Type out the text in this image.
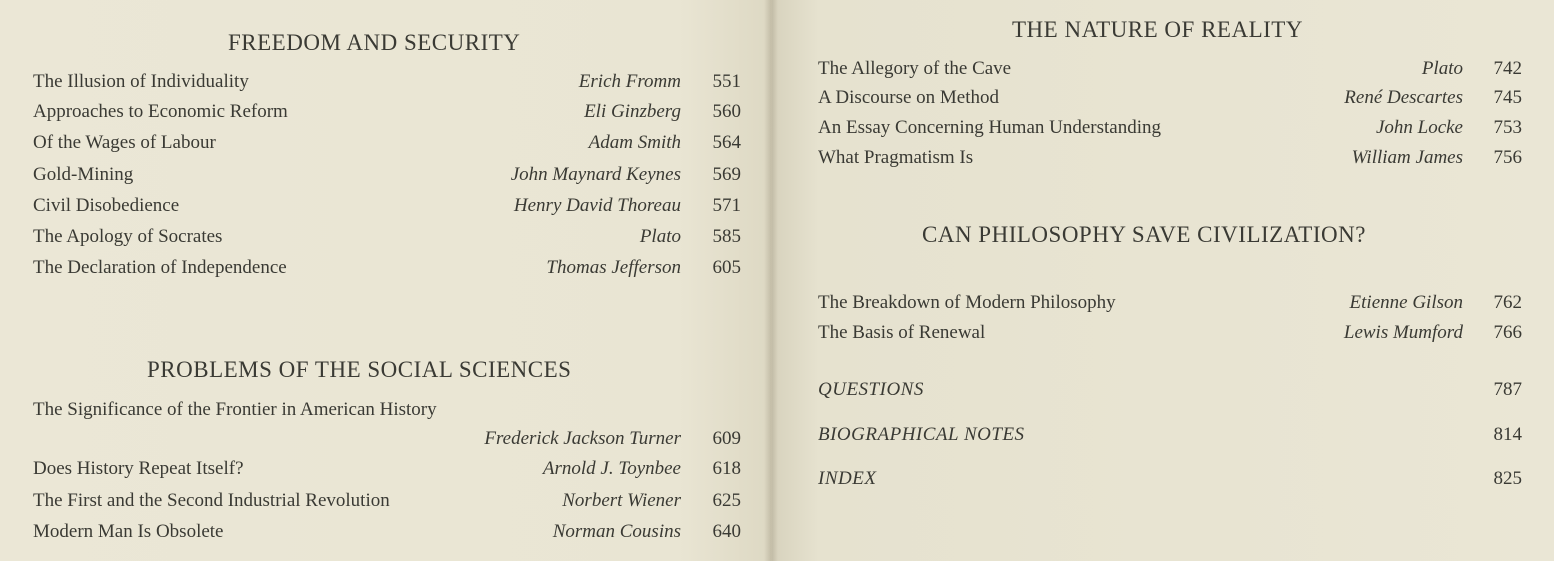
FREEDOM AND SECURITY
The Illusion of Individuality	Erich Fromm	551
Approaches to Economic Reform	Eli Ginzberg	560
Of the Wages of Labour	Adam Smith	564
Gold-Mining	John Maynard Keynes	569
Civil Disobedience	Henry David Thoreau	571
The Apology of Socrates	Plato	585
The Declaration of Independence	Thomas Jefferson	605
PROBLEMS OF THE SOCIAL SCIENCES
The Significance of the Frontier in American History
Frederick Jackson Turner	609
Does History Repeat Itself?	Arnold J. Toynbee	618
The First and the Second Industrial Revolution	Norbert Wiener	625
Modern Man Is Obsolete	Norman Cousins	640
THE NATURE OF REALITY
The Allegory of the Cave	Plato	742
A Discourse on Method	René Descartes	745
An Essay Concerning Human Understanding	John Locke	753
What Pragmatism Is	William James	756
CAN PHILOSOPHY SAVE CIVILIZATION?
The Breakdown of Modern Philosophy	Etienne Gilson	762
The Basis of Renewal	Lewis Mumford	766
QUESTIONS	787
BIOGRAPHICAL NOTES	814
INDEX	825
